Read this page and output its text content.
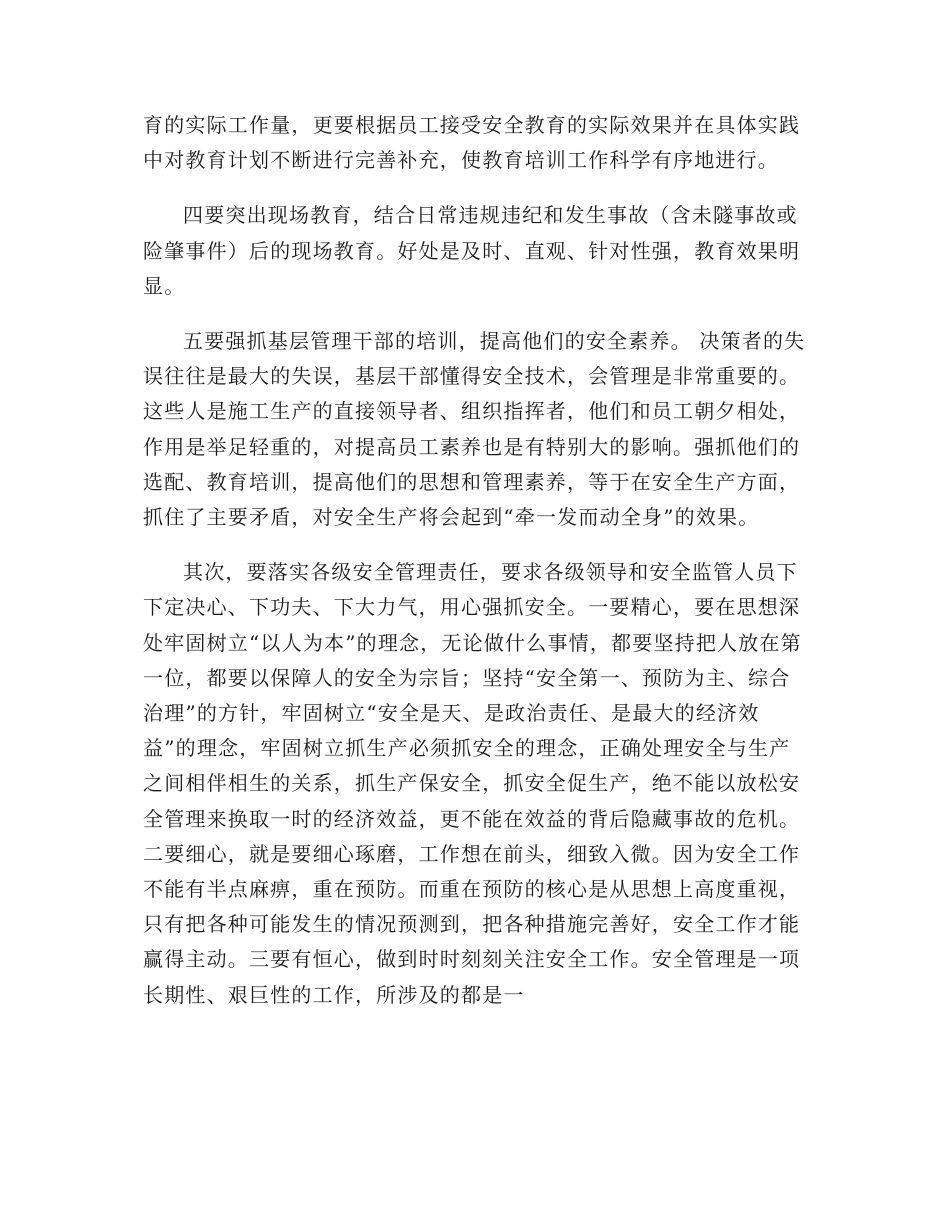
育的实际工作量，更要根据员工接受安全教育的实际效果并在具体实践中对教育计划不断进行完善补充，使教育培训工作科学有序地进行。

四要突出现场教育，结合日常违规违纪和发生事故（含未隧事故或险肇事件）后的现场教育。好处是及时、直观、针对性强，教育效果明显。

五要强抓基层管理干部的培训，提高他们的安全素养。 决策者的失误往往是最大的失误，基层干部懂得安全技术，会管理是非常重要的。这些人是施工生产的直接领导者、组织指挥者，他们和员工朝夕相处，作用是举足轻重的，对提高员工素养也是有特别大的影响。强抓他们的选配、教育培训，提高他们的思想和管理素养，等于在安全生产方面，抓住了主要矛盾，对安全生产将会起到“牵一发而动全身”的效果。

其次，要落实各级安全管理责任，要求各级领导和安全监管人员下下定决心、下功夫、下大力气，用心强抓安全。一要精心，要在思想深处牢固树立“以人为本”的理念，无论做什么事情，都要坚持把人放在第一位，都要以保障人的安全为宗旨；坚持“安全第一、预防为主、综合治理”的方针，牢固树立“安全是天、是政治责任、是最大的经济效益”的理念，牢固树立抓生产必须抓安全的理念，正确处理安全与生产之间相伴相生的关系，抓生产保安全，抓安全促生产，绝不能以放松安全管理来换取一时的经济效益，更不能在效益的背后隐藏事故的危机。二要细心，就是要细心琢磨，工作想在前头，细致入微。因为安全工作不能有半点麻痹，重在预防。而重在预防的核心是从思想上高度重视，只有把各种可能发生的情况预测到，把各种措施完善好，安全工作才能赢得主动。三要有恒心，做到时时刻刻关注安全工作。安全管理是一项长期性、艰巨性的工作，所涉及的都是一
